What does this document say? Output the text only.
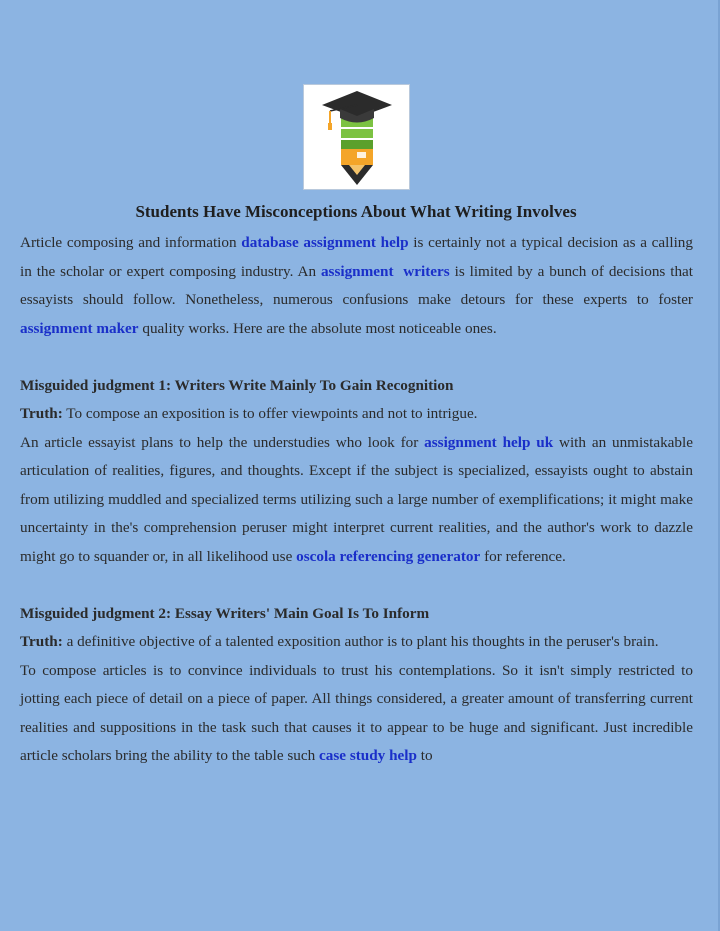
Students Have Misconceptions About What Writing Involves

Article composing and information database assignment help is certainly not a typical decision as a calling in the scholar or expert composing industry. An assignment  writers is limited by a bunch of decisions that essayists should follow. Nonetheless, numerous confusions make detours for these experts to foster assignment maker quality works. Here are the absolute most noticeable ones.

Misguided judgment 1: Writers Write Mainly To Gain Recognition

Truth: To compose an exposition is to offer viewpoints and not to intrigue.

An article essayist plans to help the understudies who look for assignment help uk with an unmistakable articulation of realities, figures, and thoughts. Except if the subject is specialized, essayists ought to abstain from utilizing muddled and specialized terms utilizing such a large number of exemplifications; it might make uncertainty in the's comprehension peruser might interpret current realities, and the author's work to dazzle might go to squander or, in all likelihood use oscola referencing generator for reference.

Misguided judgment 2: Essay Writers' Main Goal Is To Inform

Truth: a definitive objective of a talented exposition author is to plant his thoughts in the peruser's brain.

To compose articles is to convince individuals to trust his contemplations. So it isn't simply restricted to jotting each piece of detail on a piece of paper. All things considered, a greater amount of transferring current realities and suppositions in the task such that causes it to appear to be huge and significant. Just incredible article scholars bring the ability to the table such case study help to
